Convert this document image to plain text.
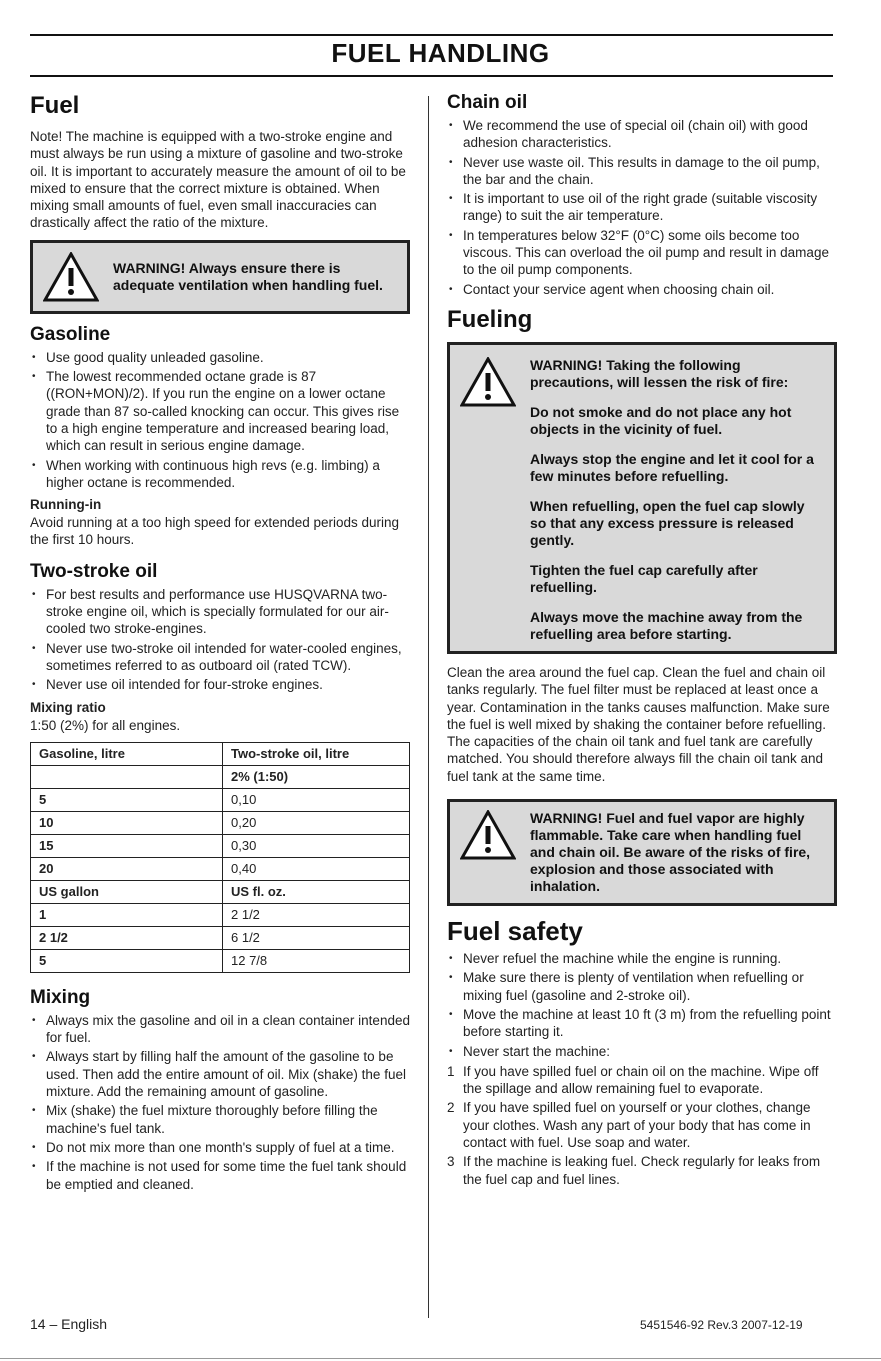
FUEL HANDLING
Fuel

Note! The machine is equipped with a two-stroke engine and must always be run using a mixture of gasoline and two-stroke oil. It is important to accurately measure the amount of oil to be mixed to ensure that the correct mixture is obtained. When mixing small amounts of fuel, even small inaccuracies can drastically affect the ratio of the mixture.

WARNING! Always ensure there is adequate ventilation when handling fuel.
Gasoline
• Use good quality unleaded gasoline.
• The lowest recommended octane grade is 87 ((RON+MON)/2). If you run the engine on a lower octane grade than 87 so-called knocking can occur. This gives rise to a high engine temperature and increased bearing load, which can result in serious engine damage.
• When working with continuous high revs (e.g. limbing) a higher octane is recommended.
Running-in

Avoid running at a too high speed for extended periods during the first 10 hours.

Two-stroke oil
• For best results and performance use HUSQVARNA two-stroke engine oil, which is specially formulated for our air-cooled two stroke-engines.
• Never use two-stroke oil intended for water-cooled engines, sometimes referred to as outboard oil (rated TCW).
• Never use oil intended for four-stroke engines.
Mixing ratio

1:50 (2%) for all engines.

Gasoline, litre	Two-stroke oil, litre
	2% (1:50)
5	0,10
10	0,20
15	0,30
20	0,40
US gallon	US fl. oz.
1	2 1/2
2 1/2	6 1/2
5	12 7/8
Mixing
• Always mix the gasoline and oil in a clean container intended for fuel.
• Always start by filling half the amount of the gasoline to be used. Then add the entire amount of oil. Mix (shake) the fuel mixture. Add the remaining amount of gasoline.
• Mix (shake) the fuel mixture thoroughly before filling the machine's fuel tank.
• Do not mix more than one month's supply of fuel at a time.
• If the machine is not used for some time the fuel tank should be emptied and cleaned.
Chain oil
• We recommend the use of special oil (chain oil) with good adhesion characteristics.
• Never use waste oil. This results in damage to the oil pump, the bar and the chain.
• It is important to use oil of the right grade (suitable viscosity range) to suit the air temperature.
• In temperatures below 32°F (0°C) some oils become too viscous. This can overload the oil pump and result in damage to the oil pump components.
• Contact your service agent when choosing chain oil.
Fueling

WARNING! Taking the following precautions, will lessen the risk of fire:

Do not smoke and do not place any hot objects in the vicinity of fuel.

Always stop the engine and let it cool for a few minutes before refuelling.

When refuelling, open the fuel cap slowly so that any excess pressure is released gently.

Tighten the fuel cap carefully after refuelling.

Always move the machine away from the refuelling area before starting.

Clean the area around the fuel cap. Clean the fuel and chain oil tanks regularly. The fuel filter must be replaced at least once a year. Contamination in the tanks causes malfunction. Make sure the fuel is well mixed by shaking the container before refuelling. The capacities of the chain oil tank and fuel tank are carefully matched. You should therefore always fill the chain oil tank and fuel tank at the same time.

WARNING! Fuel and fuel vapor are highly flammable. Take care when handling fuel and chain oil. Be aware of the risks of fire, explosion and those associated with inhalation.
Fuel safety
• Never refuel the machine while the engine is running.
• Make sure there is plenty of ventilation when refuelling or mixing fuel (gasoline and 2-stroke oil).
• Move the machine at least 10 ft (3 m) from the refuelling point before starting it.
• Never start the machine:
1 If you have spilled fuel or chain oil on the machine. Wipe off the spillage and allow remaining fuel to evaporate.
2 If you have spilled fuel on yourself or your clothes, change your clothes. Wash any part of your body that has come in contact with fuel. Use soap and water.
3 If the machine is leaking fuel. Check regularly for leaks from the fuel cap and fuel lines.
14 – English	5451546-92 Rev.3 2007-12-19
